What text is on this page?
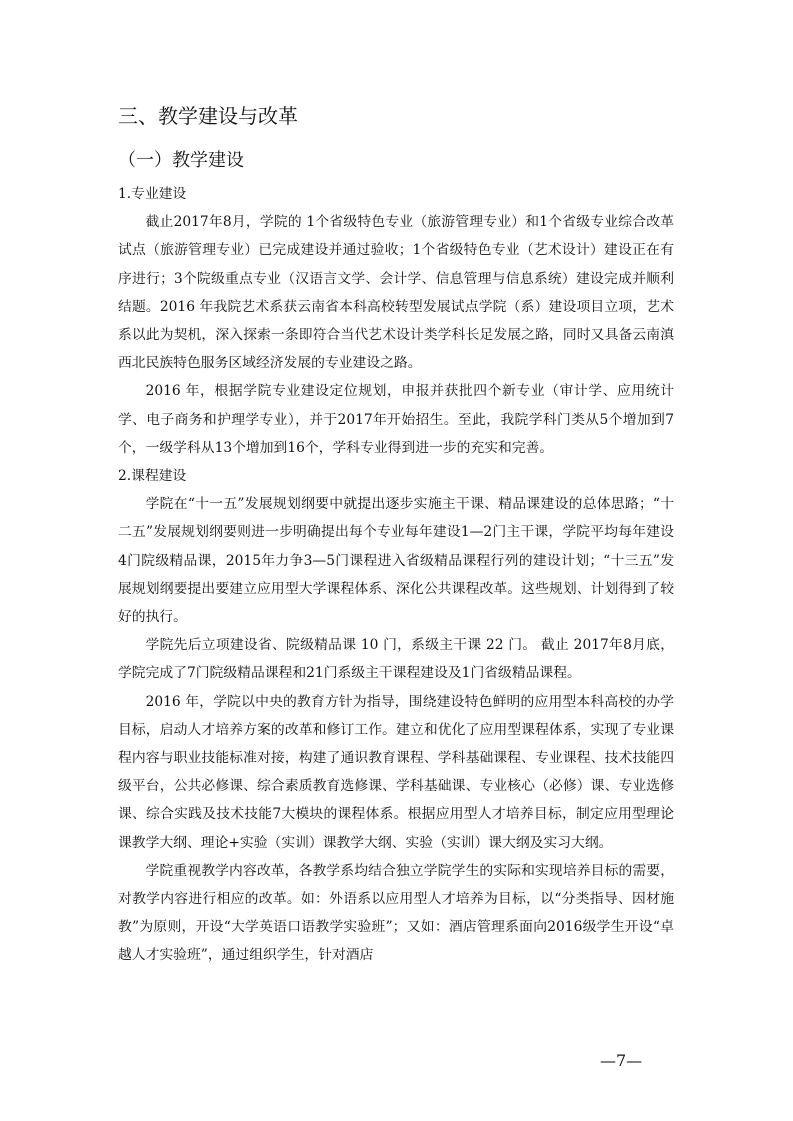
三、教学建设与改革
（一）教学建设
1.专业建设

截止2017年8月，学院的 1个省级特色专业（旅游管理专业）和1个省级专业综合改革试点（旅游管理专业）已完成建设并通过验收；1个省级特色专业（艺术设计）建设正在有序进行；3个院级重点专业（汉语言文学、会计学、信息管理与信息系统）建设完成并顺利结题。2016 年我院艺术系获云南省本科高校转型发展试点学院（系）建设项目立项，艺术系以此为契机，深入探索一条即符合当代艺术设计类学科长足发展之路，同时又具备云南滇西北民族特色服务区域经济发展的专业建设之路。

2016 年，根据学院专业建设定位规划，申报并获批四个新专业（审计学、应用统计学、电子商务和护理学专业），并于2017年开始招生。至此，我院学科门类从5个增加到7个，一级学科从13个增加到16个，学科专业得到进一步的充实和完善。

2.课程建设

学院在“十一五”发展规划纲要中就提出逐步实施主干课、精品课建设的总体思路；“十二五”发展规划纲要则进一步明确提出每个专业每年建设1—2门主干课，学院平均每年建设4门院级精品课，2015年力争3—5门课程进入省级精品课程行列的建设计划；“十三五”发展规划纲要提出要建立应用型大学课程体系、深化公共课程改革。这些规划、计划得到了较好的执行。

学院先后立项建设省、院级精品课 10 门，系级主干课 22 门。 截止 2017年8月底，学院完成了7门院级精品课程和21门系级主干课程建设及1门省级精品课程。

2016 年，学院以中央的教育方针为指导，围绕建设特色鲜明的应用型本科高校的办学目标，启动人才培养方案的改革和修订工作。建立和优化了应用型课程体系，实现了专业课程内容与职业技能标准对接，构建了通识教育课程、学科基础课程、专业课程、技术技能四级平台，公共必修课、综合素质教育选修课、学科基础课、专业核心（必修）课、专业选修课、综合实践及技术技能7大模块的课程体系。根据应用型人才培养目标，制定应用型理论课教学大纲、理论+实验（实训）课教学大纲、实验（实训）课大纲及实习大纲。

学院重视教学内容改革，各教学系均结合独立学院学生的实际和实现培养目标的需要，对教学内容进行相应的改革。如：外语系以应用型人才培养为目标，以“分类指导、因材施教”为原则，开设“大学英语口语教学实验班”；又如：酒店管理系面向2016级学生开设“卓越人才实验班”，通过组织学生，针对酒店

—7—
